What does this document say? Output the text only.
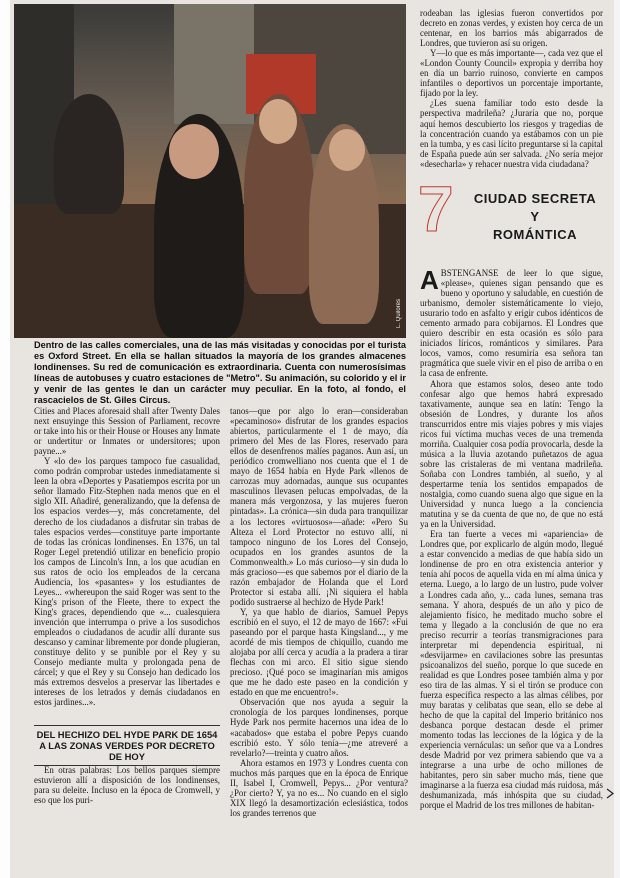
L. Quilores
Dentro de las calles comerciales, una de las más visitadas y conocidas por el turista es Oxford Street. En ella se hallan situados la mayoría de los grandes almacenes londinenses. Su red de comunicación es extraordinaria. Cuenta con numerosísimas líneas de autobuses y cuatro estaciones de "Metro". Su animación, su colorido y el ir y venir de las gentes le dan un carácter muy peculiar. En la foto, al fondo, el rascacielos de St. Giles Circus.

rodeaban las iglesias fueron convertidos por decreto en zonas verdes, y existen hoy cerca de un centenar, en los barrios más abigarrados de Londres, que tuvieron así su origen.

Y—lo que es más importante—, cada vez que el «London County Council» expropia y derriba hoy en día un barrio ruinoso, convierte en campos infantiles o deportivos un porcentaje importante, fijado por la ley.

¿Les suena familiar todo esto desde la perspectiva madrileña? ¿Juraría que no, porque aquí hemos descubierto los riesgos y tragedias de la concentración cuando ya estábamos con un pie en la tumba, y es casi lícito preguntarse si la capital de España puede aún ser salvada. ¿No sería mejor «desecharla» y rehacer nuestra vida ciudadana?

7	CIUDAD SECRETA
Y
ROMÁNTICA

Cities and Places aforesaid shall after Twenty Dales next ensuyinge this Session of Parliament, recovre or take into his or their House or Houses any Inmate or undertitur or Inmates or undersitores; upon payne...»

Y «lo de» los parques tampoco fue casualidad, como podrán comprobar ustedes inmediatamente si leen la obra «Deportes y Pasatiempos escrita por un señor llamado Fitz-Stephen nada menos que en el siglo XII. Añadiré, generalizando, que la defensa de los espacios verdes—y, más concretamente, del derecho de los ciudadanos a disfrutar sin trabas de tales espacios verdes—constituye parte importante de todas las crónicas londinenses. En 1376, un tal Roger Legel pretendió utilizar en beneficio propio los campos de Lincoln's Inn, a los que acudían en sus ratos de ocio los empleados de la cercana Audiencia, los «pasantes» y los estudiantes de Leyes... «whereupon the said Roger was sent to the King's prison of the Fleete, there to expect the King's graces, dependiendo que «... cualesquiera invención que interrumpa o prive a los susodichos empleados o ciudadanos de acudir allí durante sus descanso y caminar libremente por donde plugieran, constituye delito y se punible por el Rey y su Consejo mediante multa y prolongada pena de cárcel; y que el Rey y su Consejo han dedicado los más extremos desvelos a preservar las libertades e intereses de los letrados y demás ciudadanos en estos jardines...».

DEL HECHIZO DEL HYDE PARK DE 1654 A LAS ZONAS VERDES POR DECRETO DE HOY

En otras palabras: Los bellos parques siempre estuvieron allí a disposición de los londinenses, para su deleite. Incluso en la época de Cromwell, y eso que los puri-

tanos—que por algo lo eran—consideraban «pecaminoso» disfrutar de los grandes espacios abiertos, particularmente el 1 de mayo, día primero del Mes de las Flores, reservado para ellos de desenfrenos malíes paganos. Aun así, un periódico cromwelliano nos cuenta que el 1 de mayo de 1654 había en Hyde Park «llenos de carrozas muy adornadas, aunque sus ocupantes masculinos llevasen pelucas empolvadas, de la manera más vergonzosa, y las mujeres fueron pintadas». La crónica—sin duda para tranquilizar a los lectores «virtuosos»—añade: «Pero Su Alteza el Lord Protector no estuvo allí, ni tampoco ninguno de los Lores del Consejo, ocupados en los grandes asuntos de la Commonwealth.» Lo más curioso—y sin duda lo más gracioso—es que sabemos por el diario de la razón embajador de Holanda que el Lord Protector si estaba allí. ¡Ni siquiera el habla podido sustraerse al hechizo de Hyde Park!

Y, ya que hablo de diarios, Samuel Pepys escribió en el suyo, el 12 de mayo de 1667: «Fui paseando por el parque hasta Kingsland..., y me acordé de mis tiempos de chiquillo, cuando me alojaba por allí cerca y acudía a la pradera a tirar flechas con mi arco. El sitio sigue siendo precioso. ¡Qué poco se imaginarían mis amigos que me he dado este paseo en la condición y estado en que me encuentro!».

Observación que nos ayuda a seguir la cronología de los parques londinenses, porque Hyde Park nos permite hacernos una idea de lo «acabados» que estaba el pobre Pepys cuando escribió esto. Y sólo tenía—¿me atreveré a revelarlo?—treinta y cuatro años.

Ahora estamos en 1973 y Londres cuenta con muchos más parques que en la época de Enrique II, Isabel I, Cromwell, Pepys... ¿Por ventura? ¿Por cierto? Y, ya no es... No cuando en el siglo XIX llegó la desamortización eclesiástica, todos los grandes terrenos que

ABSTENGANSE de leer lo que sigue, «please», quienes sigan pensando que es bueno y oportuno y saludable, en cuestión de urbanismo, demoler sistemáticamente lo viejo, usurario todo en asfalto y erigir cubos idénticos de cemento armado para cobijarnos. El Londres que quiero describir en esta ocasión es sólo para iniciados líricos, románticos y similares. Para locos, vamos, como resumiría esa señora tan pragmática que suele vivir en el piso de arriba o en la casa de enfrente.

Ahora que estamos solos, deseo ante todo confesar algo que hemos habrá expresado taxativamente, aunque sea en latín: Tengo la obsesión de Londres, y durante los años transcurridos entre mis viajes pobres y mis viajes ricos fui víctima muchas veces de una tremenda morriña. Cualquier cosa podía provocarla, desde la música a la lluvia azotando puñetazos de agua sobre las cristaleras de mi ventana madrileña. Soñaba con Londres también, al sueño, y al despertarme tenía los sentidos empapados de nostalgia, como cuando suena algo que sigue en la Universidad y nunca luego a la conciencia matutina y se da cuenta de que no, de que no está ya en la Universidad.

Era tan fuerte a veces mi «apariencia» de Londres que, por explicarlo de algún modo, llegué a estar convencido a medias de que había sido un londinense de pro en otra existencia anterior y tenía ahí pocos de aquella vida en mí alma única y eterna. Luego, a lo largo de un lustro, pude volver a Londres cada año, y... cada lunes, semana tras semana. Y ahora, después de un año y pico de alejamiento físico, he meditado mucho sobre el tema y llegado a la conclusión de que no era preciso recurrir a teorías transmigraciones para interpretar mi dependencia espiritual, ni «desvijarme» en cavilaciones sobre las presuntas psicoanalizos del sueño, porque lo que sucede en realidad es que Londres posee también alma y por eso tira de las almas. Y si el tirón se produce con fuerza específica respecto a las almas célibes, por muy baratas y celibatas que sean, ello se debe al hecho de que la capital del Imperio británico nos desbanca porque destacan desde el primer momento todas las lecciones de la lógica y de la experiencia vernáculas: un señor que va a Londres desde Madrid por vez primera sabiendo que va a integrarse a una urbe de ocho millones de habitantes, pero sin saber mucho más, tiene que imaginarse a la fuerza esa ciudad más ruidosa, más deshumanizada, más inhóspita que su ciudad, porque el Madrid de los tres millones de habitan-
